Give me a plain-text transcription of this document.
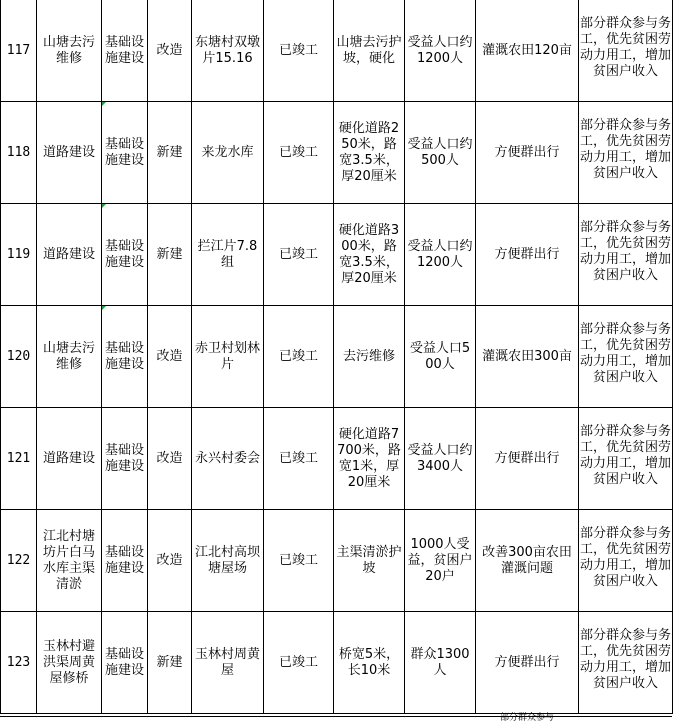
117	山塘去污维修	基础设施建设	改造	东塘村双墩片15.16	已竣工	山塘去污护坡，硬化	受益人口约1200人	灌溉农田120亩	部分群众参与务工，优先贫困劳动力用工，增加贫困户收入

118	道路建设	基础设施建设	新建	来龙水库	已竣工	硬化道路250米，路宽3.5米，厚20厘米	受益人口约500人	方便群出行	部分群众参与务工，优先贫困劳动力用工，增加贫困户收入

119	道路建设	基础设施建设	新建	拦江片7.8组	已竣工	硬化道路300米，路宽3.5米，厚20厘米	受益人口约1200人	方便群出行	部分群众参与务工，优先贫困劳动力用工，增加贫困户收入

120	山塘去污维修	基础设施建设	改造	赤卫村划林片	已竣工	去污维修	受益人口500人	灌溉农田300亩	部分群众参与务工，优先贫困劳动力用工，增加贫困户收入

121	道路建设	基础设施建设	改造	永兴村委会	已竣工	硬化道路7700米，路宽1米，厚20厘米	受益人口约3400人	方便群出行	部分群众参与务工，优先贫困劳动力用工，增加贫困户收入

122	江北村塘坊片白马水库主渠清淤	基础设施建设	改造	江北村高坝塘屋场	已竣工	主渠清淤护坡	1000人受益，贫困户20户	改善300亩农田灌溉问题	部分群众参与务工，优先贫困劳动力用工，增加贫困户收入

123	玉林村避洪渠周黄屋修桥	基础设施建设	新建	玉林村周黄屋	已竣工	桥宽5米，长10米	群众1300人	方便群出行	部分群众参与务工，优先贫困劳动力用工，增加贫困户收入
部分群众参与
